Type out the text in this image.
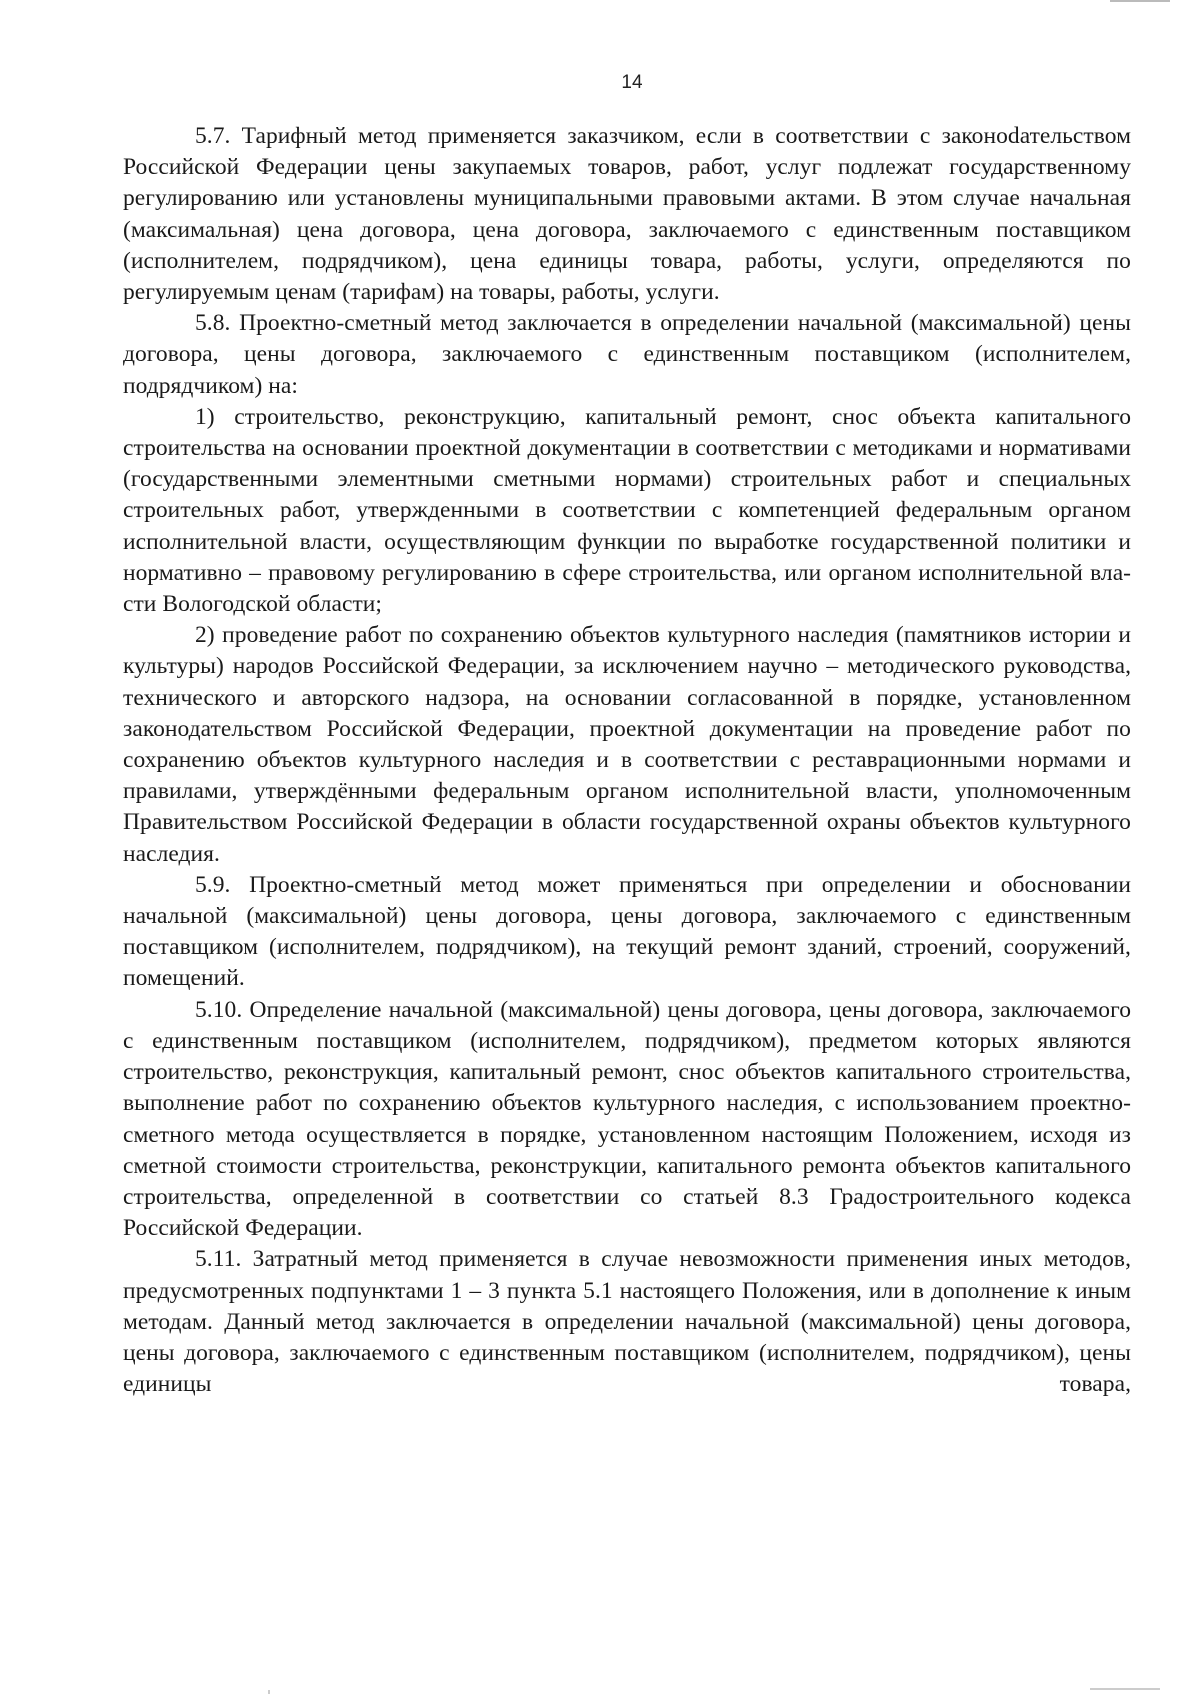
14

5.7. Тарифный метод применяется заказчиком, если в соответствии с законоdательством Российской Федерации цены закупаемых товаров, работ, услуг подлежат государственному регулированию или установлены муниципальными правовыми актами. В этом случае начальная (максимальная) цена договора, цена договора, заключаемого с единственным поставщиком (исполнителем, подрядчиком), цена единицы товара, работы, услуги, определяются по регулируемым ценам (тарифам) на товары, работы, услуги.

5.8. Проектно-сметный метод заключается в определении начальной (максимальной) цены договора, цены договора, заключаемого с единственным поставщиком (исполнителем, подрядчиком) на:

1) строительство, реконструкцию, капитальный ремонт, снос объекта капитального строительства на основании проектной документации в соответствии с методиками и нормативами (государственными элементными сметными нормами) строительных работ и специальных строительных работ, утвержденными в соответствии с компетенцией федеральным органом исполнительной власти, осуществляющим функции по выработке государственной политики и нормативно – правовому регулированию в сфере строительства, или органом исполнительной власти Вологодской области;

2) проведение работ по сохранению объектов культурного наследия (памятников истории и культуры) народов Российской Федерации, за исключением научно – методического руководства, технического и авторского надзора, на основании согласованной в порядке, установленном законодательством Российской Федерации, проектной документации на проведение работ по сохранению объектов культурного наследия и в соответствии с реставрационными нормами и правилами, утверждёнными федеральным органом исполнительной власти, уполномоченным Правительством Российской Федерации в области государственной охраны объектов культурного наследия.

5.9. Проектно-сметный метод может применяться при определении и обосновании начальной (максимальной) цены договора, цены договора, заключаемого с единственным поставщиком (исполнителем, подрядчиком), на текущий ремонт зданий, строений, сооружений, помещений.

5.10. Определение начальной (максимальной) цены договора, цены договора, заключаемого с единственным поставщиком (исполнителем, подрядчиком), предметом которых являются строительство, реконструкция, капитальный ремонт, снос объектов капитального строительства, выполнение работ по сохранению объектов культурного наследия, с использованием проектно-сметного метода осуществляется в порядке, установленном настоящим Положением, исходя из сметной стоимости строительства, реконструкции, капитального ремонта объектов капитального строительства, определенной в соответствии со статьей 8.3 Градостроительного кодекса Российской Федерации.

5.11. Затратный метод применяется в случае невозможности применения иных методов, предусмотренных подпунктами 1 – 3 пункта 5.1 настоящего Положения, или в дополнение к иным методам. Данный метод заключается в определении начальной (максимальной) цены договора, цены договора, заключаемого с единственным поставщиком (исполнителем, подрядчиком), цены единицы товара,
